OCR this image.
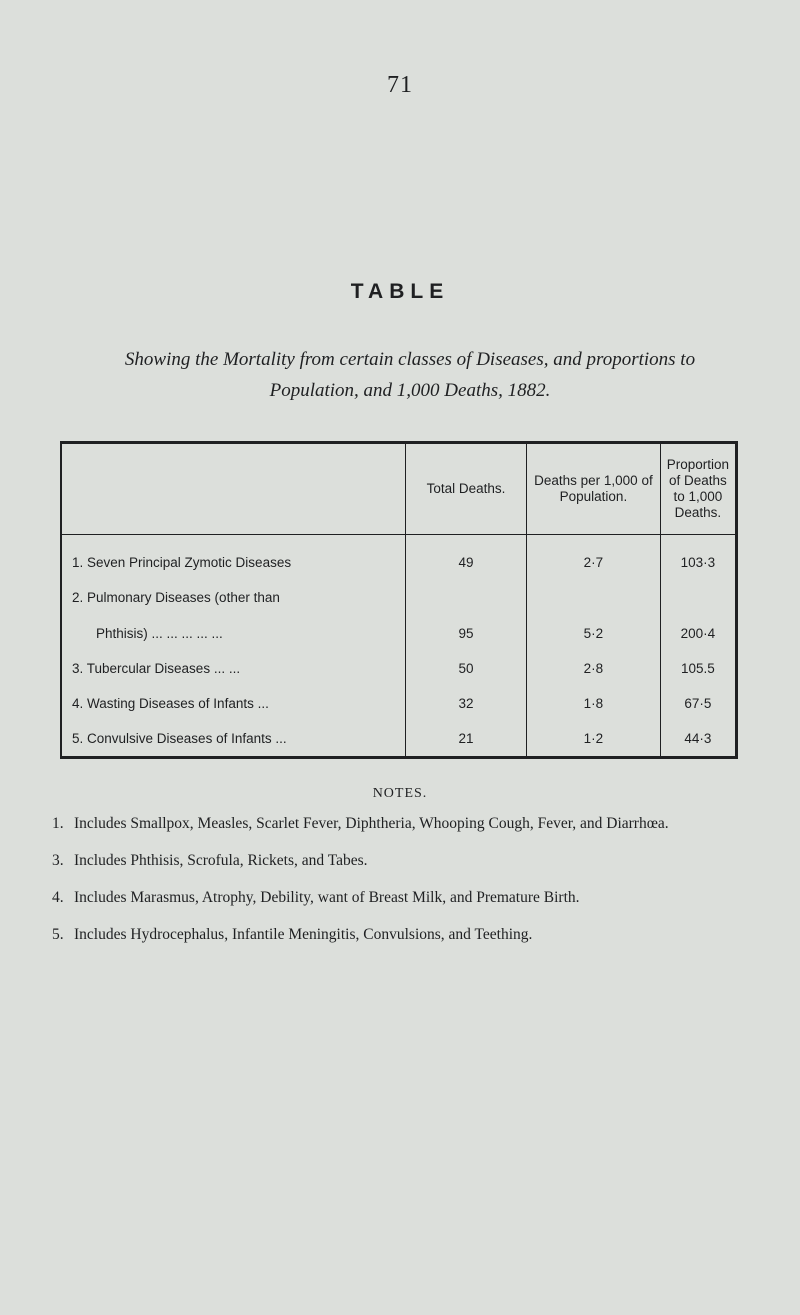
71
TABLE
Showing the Mortality from certain classes of Diseases, and proportions to Population, and 1,000 Deaths, 1882.
	Total Deaths.	Deaths per 1,000 of Population.	Proportion of Deaths to 1,000 Deaths.
1. Seven Principal Zymotic Diseases	49	2·7	103·3
2. Pulmonary Diseases (other than			
Phthisis) ... ... ... ... ...	95	5·2	200·4
3. Tubercular Diseases ... ...	50	2·8	105.5
4. Wasting Diseases of Infants ...	32	1·8	67·5
5. Convulsive Diseases of Infants ...	21	1·2	44·3
NOTES.
1. Includes Smallpox, Measles, Scarlet Fever, Diphtheria, Whooping Cough, Fever, and Diarrhœa.
3. Includes Phthisis, Scrofula, Rickets, and Tabes.
4. Includes Marasmus, Atrophy, Debility, want of Breast Milk, and Premature Birth.
5. Includes Hydrocephalus, Infantile Meningitis, Convulsions, and Teething.
